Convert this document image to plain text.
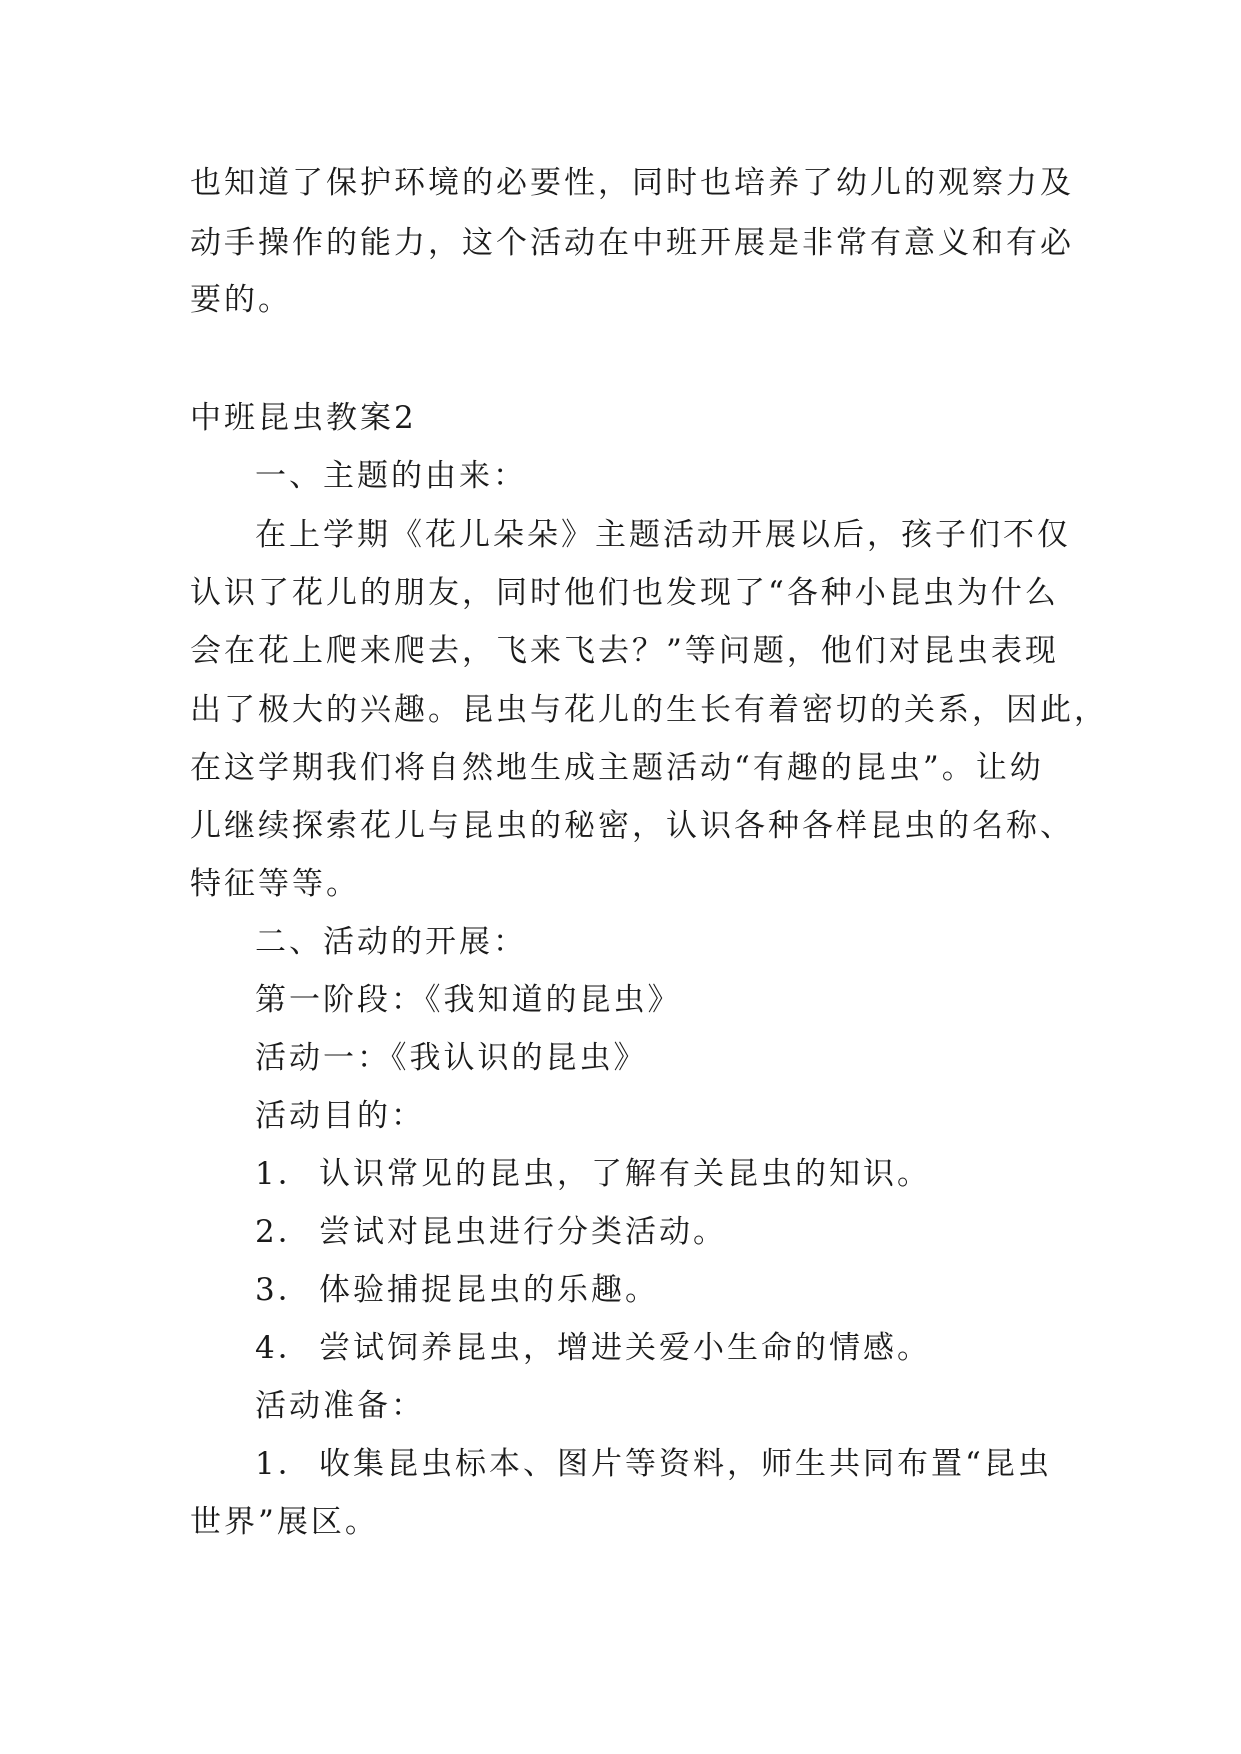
也知道了保护环境的必要性，同时也培养了幼儿的观察力及
动手操作的能力，这个活动在中班开展是非常有意义和有必
要的。
中班昆虫教案2
一、主题的由来：
在上学期《花儿朵朵》主题活动开展以后，孩子们不仅
认识了花儿的朋友，同时他们也发现了“各种小昆虫为什么
会在花上爬来爬去，飞来飞去？”等问题，他们对昆虫表现
出了极大的兴趣。昆虫与花儿的生长有着密切的关系，因此，
在这学期我们将自然地生成主题活动“有趣的昆虫”。让幼
儿继续探索花儿与昆虫的秘密，认识各种各样昆虫的名称、
特征等等。
二、活动的开展：
第一阶段：《我知道的昆虫》
活动一：《我认识的昆虫》
活动目的：
1． 认识常见的昆虫，了解有关昆虫的知识。
2． 尝试对昆虫进行分类活动。
3． 体验捕捉昆虫的乐趣。
4． 尝试饲养昆虫，增进关爱小生命的情感。
活动准备：
1． 收集昆虫标本、图片等资料，师生共同布置“昆虫
世界”展区。
